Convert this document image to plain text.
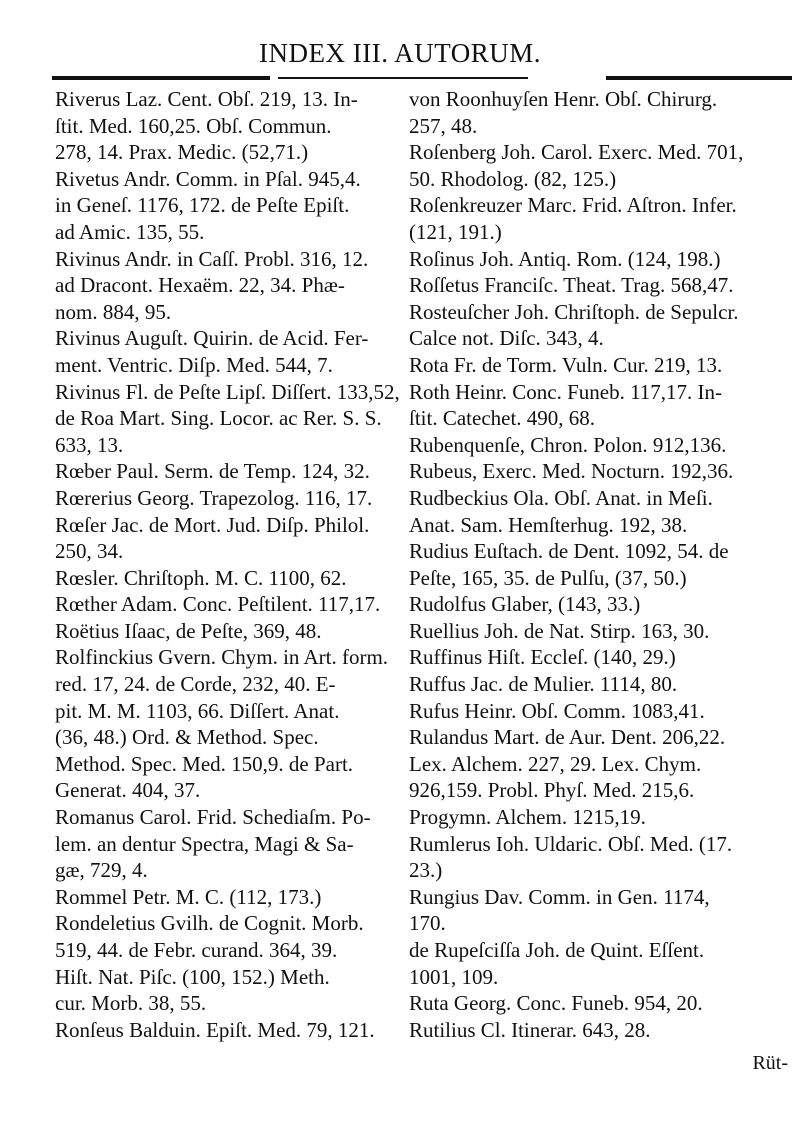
INDEX III. AUTORUM.
Riverus Laz. Cent. Obſ. 219, 13. In-
ſtit. Med. 160,25. Obſ. Commun.
278, 14. Prax. Medic. (52,71.)
Rivetus Andr. Comm. in Pſal. 945,4.
in Geneſ. 1176, 172. de Peſte Epiſt.
ad Amic. 135, 55.
Rivinus Andr. in Caſſ. Probl. 316, 12.
ad Dracont. Hexaëm. 22, 34. Phæ-
nom. 884, 95.
Rivinus Auguſt. Quirin. de Acid. Fer-
ment. Ventric. Diſp. Med. 544, 7.
Rivinus Fl. de Peſte Lipſ. Diſſert. 133,52,
de Roa Mart. Sing. Locor. ac Rer. S. S.
633, 13.
Rœber Paul. Serm. de Temp. 124, 32.
Rœrerius Georg. Trapezolog. 116, 17.
Rœſer Jac. de Mort. Jud. Diſp. Philol.
250, 34.
Rœsler. Chriſtoph. M. C. 1100, 62.
Rœther Adam. Conc. Peſtilent. 117,17.
Roëtius Iſaac, de Peſte, 369, 48.
Rolfinckius Gvern. Chym. in Art. form.
red. 17, 24. de Corde, 232, 40. E-
pit. M. M. 1103, 66. Diſſert. Anat.
(36, 48.) Ord. & Method. Spec.
Method. Spec. Med. 150,9. de Part.
Generat. 404, 37.
Romanus Carol. Frid. Schediaſm. Po-
lem. an dentur Spectra, Magi & Sa-
gæ, 729, 4.
Rommel Petr. M. C. (112, 173.)
Rondeletius Gvilh. de Cognit. Morb.
519, 44. de Febr. curand. 364, 39.
Hiſt. Nat. Piſc. (100, 152.) Meth.
cur. Morb. 38, 55.
Ronſeus Balduin. Epiſt. Med. 79, 121.
von Roonhuyſen Henr. Obſ. Chirurg.
257, 48.
Roſenberg Joh. Carol. Exerc. Med. 701,
50. Rhodolog. (82, 125.)
Roſenkreuzer Marc. Frid. Aſtron. Infer.
(121, 191.)
Roſinus Joh. Antiq. Rom. (124, 198.)
Roſſetus Franciſc. Theat. Trag. 568,47.
Rosteuſcher Joh. Chriſtoph. de Sepulcr.
Calce not. Diſc. 343, 4.
Rota Fr. de Torm. Vuln. Cur. 219, 13.
Roth Heinr. Conc. Funeb. 117,17. In-
ſtit. Catechet. 490, 68.
Rubenquenſe, Chron. Polon. 912,136.
Rubeus, Exerc. Med. Nocturn. 192,36.
Rudbeckius Ola. Obſ. Anat. in Meſi.
Anat. Sam. Hemſterhug. 192, 38.
Rudius Euſtach. de Dent. 1092, 54. de
Peſte, 165, 35. de Pulſu, (37, 50.)
Rudolfus Glaber, (143, 33.)
Ruellius Joh. de Nat. Stirp. 163, 30.
Ruffinus Hiſt. Eccleſ. (140, 29.)
Ruffus Jac. de Mulier. 1114, 80.
Rufus Heinr. Obſ. Comm. 1083,41.
Rulandus Mart. de Aur. Dent. 206,22.
Lex. Alchem. 227, 29. Lex. Chym.
926,159. Probl. Phyſ. Med. 215,6.
Progymn. Alchem. 1215,19.
Rumlerus Ioh. Uldaric. Obſ. Med. (17.
23.)
Rungius Dav. Comm. in Gen. 1174,
170.
de Rupeſciſſa Joh. de Quint. Eſſent.
1001, 109.
Ruta Georg. Conc. Funeb. 954, 20.
Rutilius Cl. Itinerar. 643, 28.
Rüt-
